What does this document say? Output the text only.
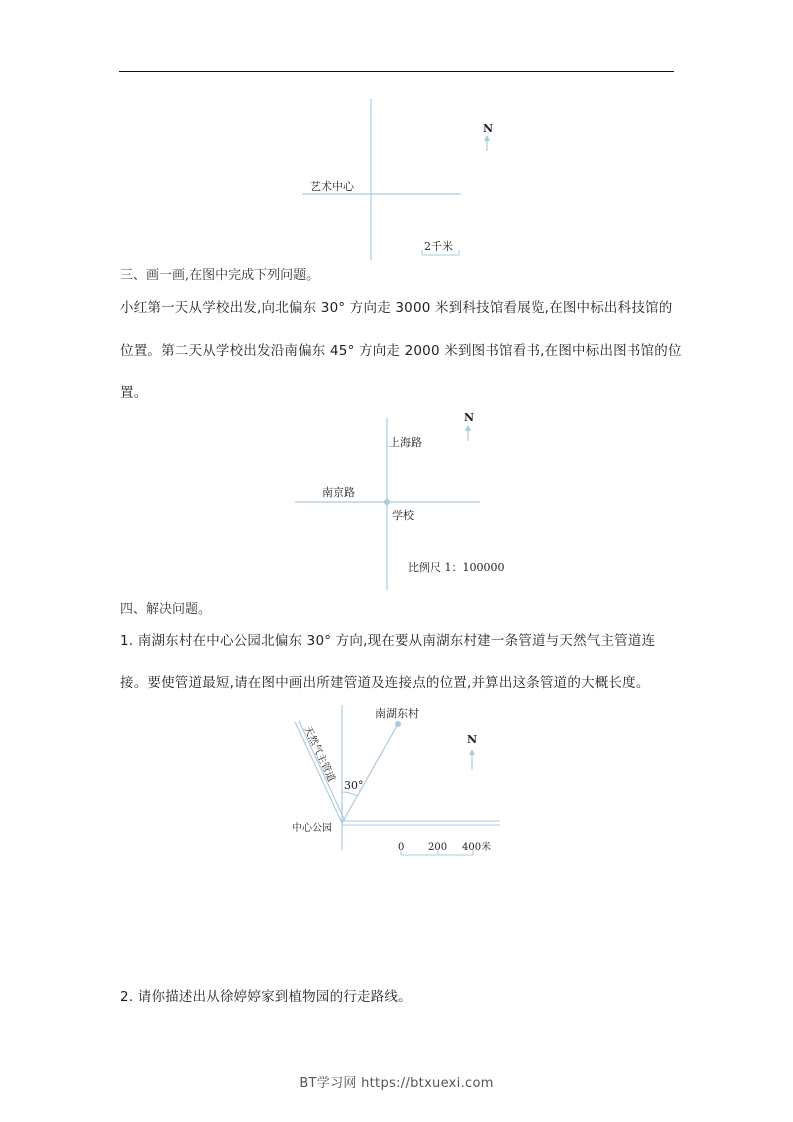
艺术中心
N
2千米
三、画一画,在图中完成下列问题。
小红第一天从学校出发,向北偏东 30° 方向走 3000 米到科技馆看展览,在图中标出科技馆的
位置。第二天从学校出发沿南偏东 45° 方向走 2000 米到图书馆看书,在图中标出图书馆的位
置。
上海路
南京路
学校
N
比例尺 1：100000
四、解决问题。
1. 南湖东村在中心公园北偏东 30° 方向,现在要从南湖东村建一条管道与天然气主管道连
接。要使管道最短,请在图中画出所建管道及连接点的位置,并算出这条管道的大概长度。
30°
南湖东村
天然气主管道
中心公园
N
0 200 400米
2. 请你描述出从徐婷婷家到植物园的行走路线。
BT学习网 https://btxuexi.com
